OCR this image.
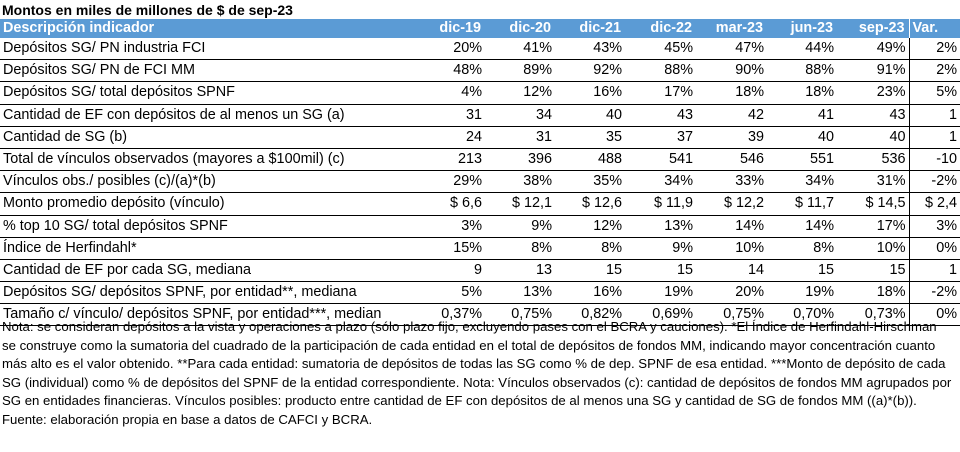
Montos en miles de millones de $ de sep-23
Descripción indicador	dic-19	dic-20	dic-21	dic-22	mar-23	jun-23	sep-23	Var.
Depósitos SG/ PN industria FCI	20%	41%	43%	45%	47%	44%	49%	2%
Depósitos SG/ PN de FCI MM	48%	89%	92%	88%	90%	88%	91%	2%
Depósitos SG/ total depósitos SPNF	4%	12%	16%	17%	18%	18%	23%	5%
Cantidad de EF con depósitos de al menos un SG (a)	31	34	40	43	42	41	43	1
Cantidad de SG (b)	24	31	35	37	39	40	40	1
Total de vínculos observados (mayores a $100mil) (c)	213	396	488	541	546	551	536	-10
Vínculos obs./ posibles (c)/(a)*(b)	29%	38%	35%	34%	33%	34%	31%	-2%
Monto promedio depósito (vínculo)	$ 6,6	$ 12,1	$ 12,6	$ 11,9	$ 12,2	$ 11,7	$ 14,5	$ 2,4
% top 10 SG/ total depósitos SPNF	3%	9%	12%	13%	14%	14%	17%	3%
Índice de Herfindahl*	15%	8%	8%	9%	10%	8%	10%	0%
Cantidad de EF por cada SG, mediana	9	13	15	15	14	15	15	1
Depósitos SG/ depósitos SPNF, por entidad**, mediana	5%	13%	16%	19%	20%	19%	18%	-2%
Tamaño c/ vínculo/ depósitos SPNF, por entidad***, median	0,37%	0,75%	0,82%	0,69%	0,75%	0,70%	0,73%	0%

Nota: se consideran depósitos a la vista y operaciones a plazo (sólo plazo fijo, excluyendo pases con el BCRA y cauciones). *El Índice de Herfindahl-Hirschman se construye como la sumatoria del cuadrado de la participación de cada entidad en el total de depósitos de fondos MM, indicando mayor concentración cuanto más alto es el valor obtenido. **Para cada entidad: sumatoria de depósitos de todas las SG como % de dep. SPNF de esa entidad. ***Monto de depósito de cada SG (individual) como % de depósitos del SPNF de la entidad correspondiente. Nota: Vínculos observados (c): cantidad de depósitos de fondos MM agrupados por SG en entidades financieras. Vínculos posibles: producto entre cantidad de EF con depósitos de al menos una SG y cantidad de SG de fondos MM ((a)*(b)).

Fuente: elaboración propia en base a datos de CAFCI y BCRA.
